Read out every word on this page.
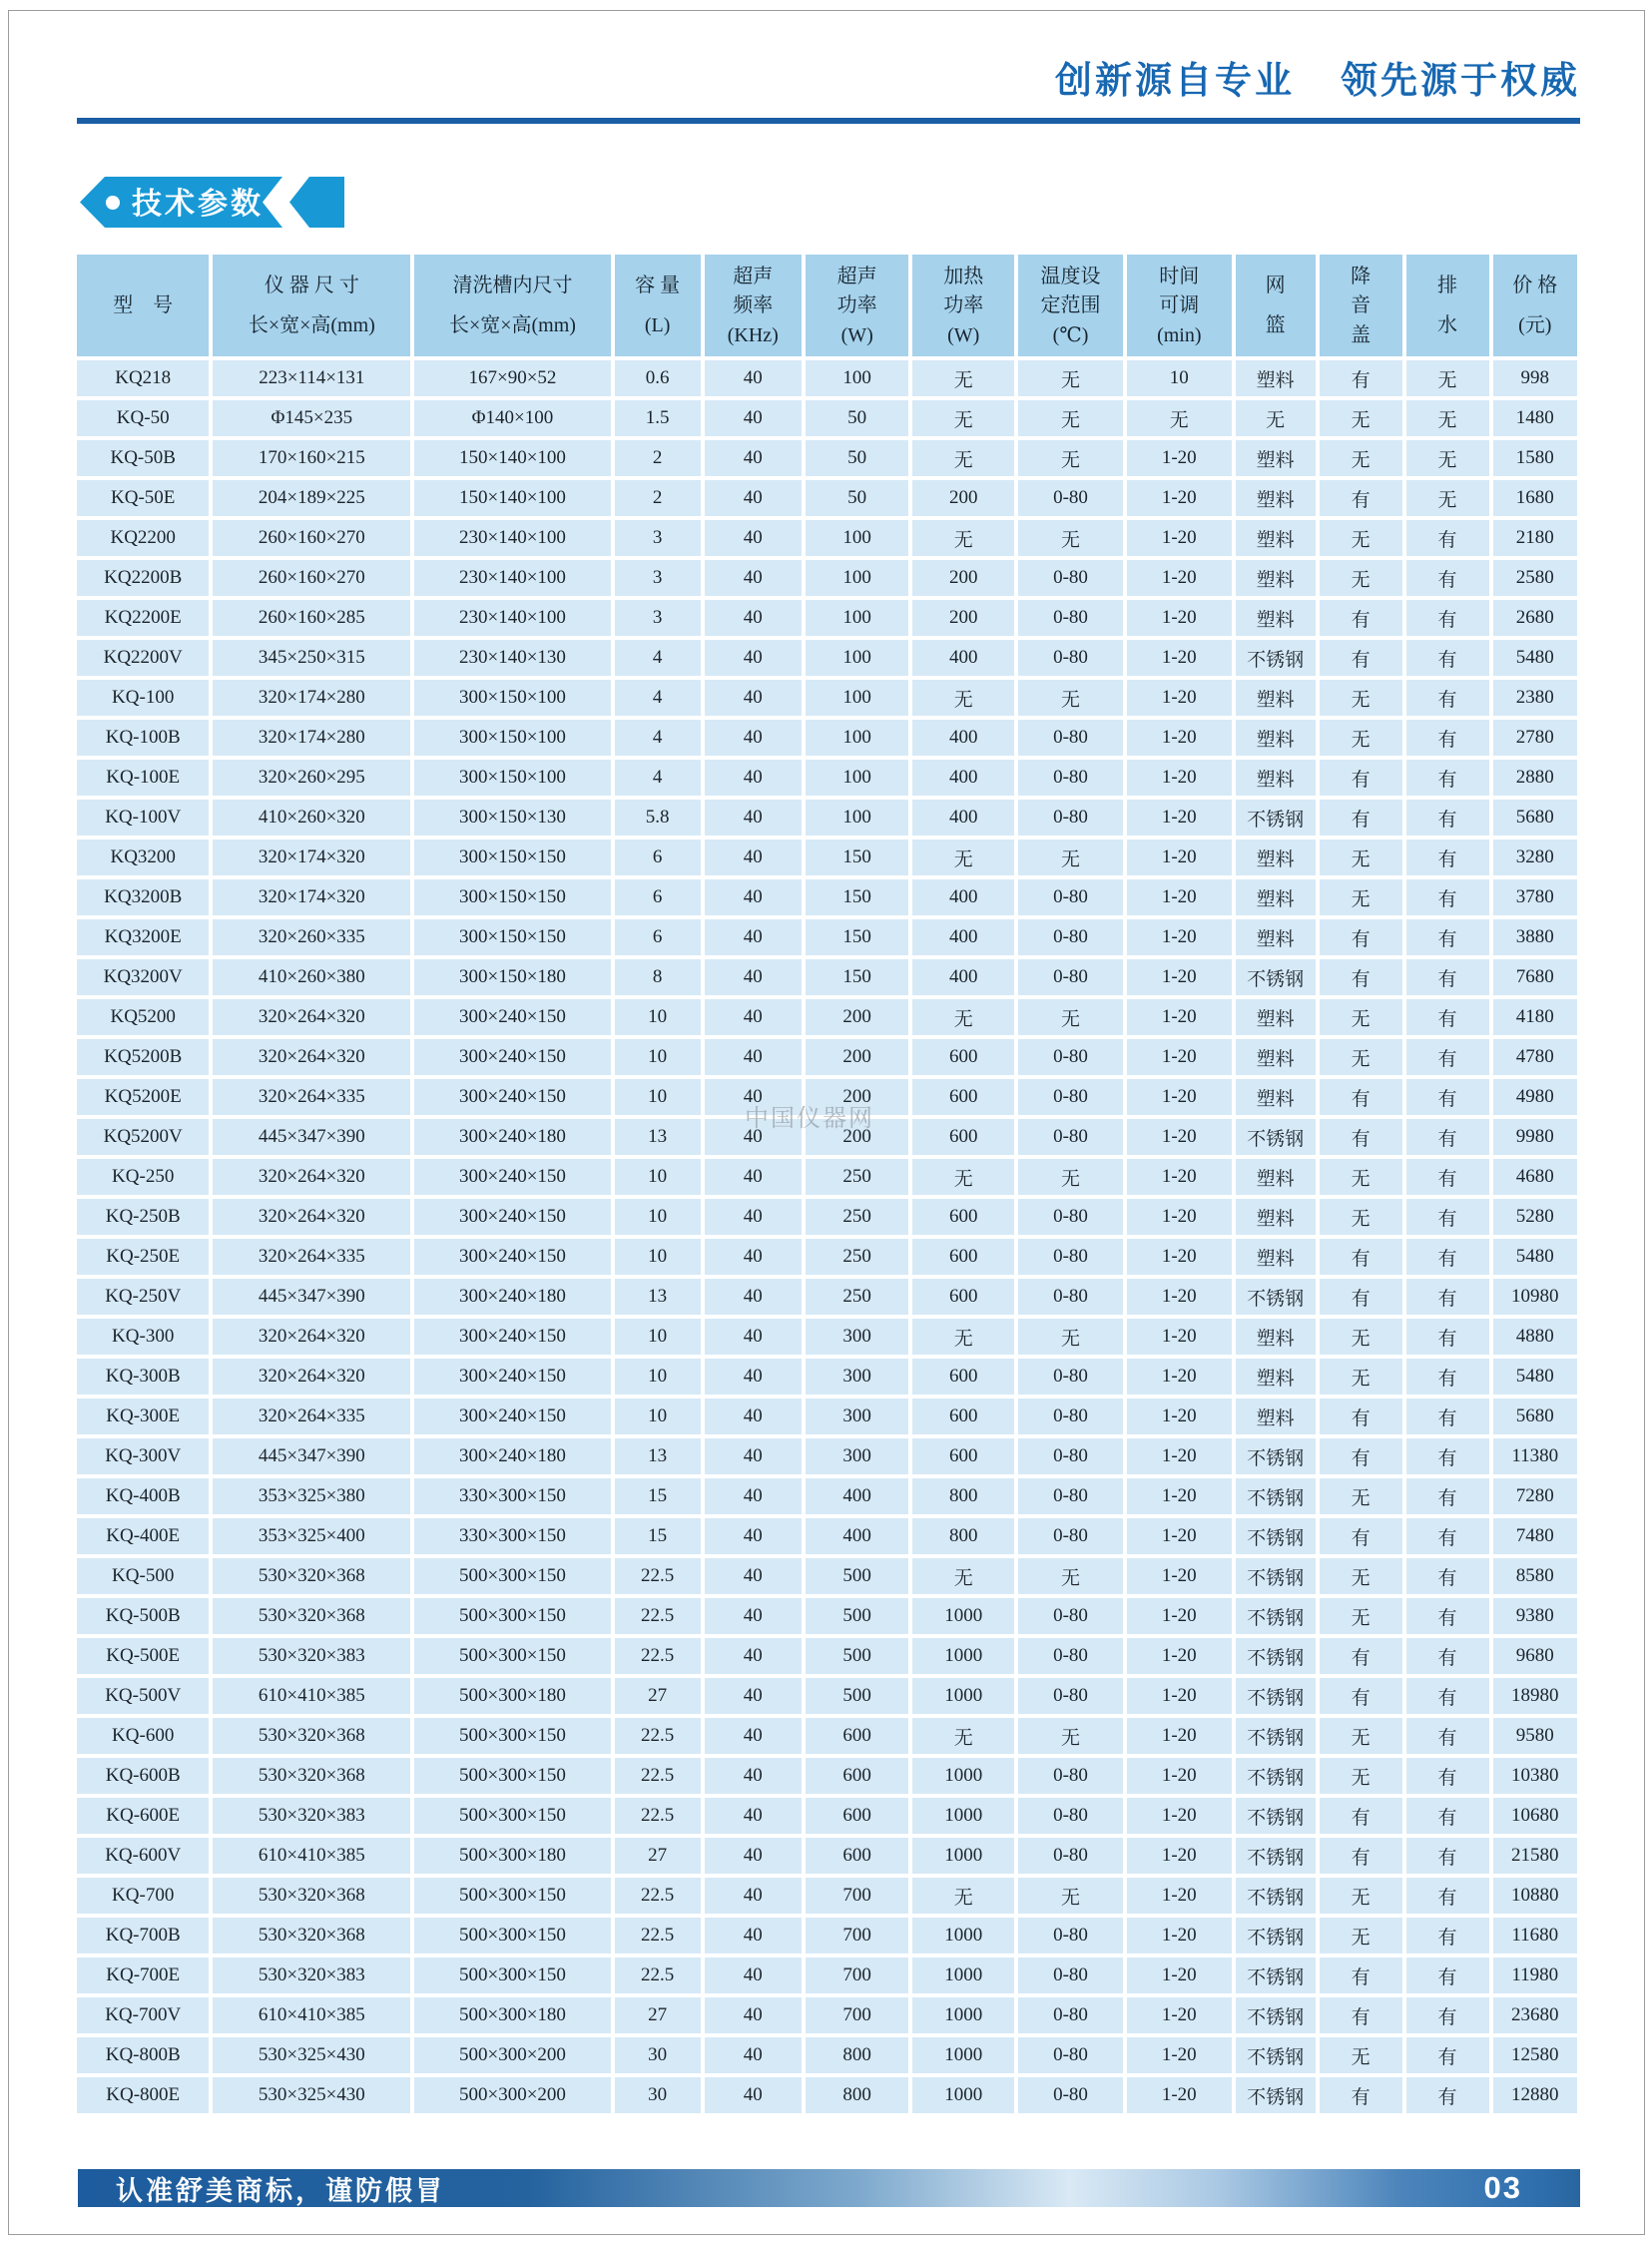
创新源自专业 领先源于权威
技术参数
中国仪器网
型　号

仪 器 尺 寸
长×宽×高(mm)

清洗槽内尺寸
长×宽×高(mm)

容 量
(L)

超声
频率
(KHz)

超声
功率
(W)

加热
功率
(W)

温度设
定范围
(℃)

时间
可调
(min)

网
篮

降
音
盖

排
水

价 格
(元)

KQ218	223×114×131	167×90×52	0.6	40	100	无	无	10	塑料	有	无	998
KQ-50	Φ145×235	Φ140×100	1.5	40	50	无	无	无	无	无	无	1480
KQ-50B	170×160×215	150×140×100	2	40	50	无	无	1-20	塑料	无	无	1580
KQ-50E	204×189×225	150×140×100	2	40	50	200	0-80	1-20	塑料	有	无	1680
KQ2200	260×160×270	230×140×100	3	40	100	无	无	1-20	塑料	无	有	2180
KQ2200B	260×160×270	230×140×100	3	40	100	200	0-80	1-20	塑料	无	有	2580
KQ2200E	260×160×285	230×140×100	3	40	100	200	0-80	1-20	塑料	有	有	2680
KQ2200V	345×250×315	230×140×130	4	40	100	400	0-80	1-20	不锈钢	有	有	5480
KQ-100	320×174×280	300×150×100	4	40	100	无	无	1-20	塑料	无	有	2380
KQ-100B	320×174×280	300×150×100	4	40	100	400	0-80	1-20	塑料	无	有	2780
KQ-100E	320×260×295	300×150×100	4	40	100	400	0-80	1-20	塑料	有	有	2880
KQ-100V	410×260×320	300×150×130	5.8	40	100	400	0-80	1-20	不锈钢	有	有	5680
KQ3200	320×174×320	300×150×150	6	40	150	无	无	1-20	塑料	无	有	3280
KQ3200B	320×174×320	300×150×150	6	40	150	400	0-80	1-20	塑料	无	有	3780
KQ3200E	320×260×335	300×150×150	6	40	150	400	0-80	1-20	塑料	有	有	3880
KQ3200V	410×260×380	300×150×180	8	40	150	400	0-80	1-20	不锈钢	有	有	7680
KQ5200	320×264×320	300×240×150	10	40	200	无	无	1-20	塑料	无	有	4180
KQ5200B	320×264×320	300×240×150	10	40	200	600	0-80	1-20	塑料	无	有	4780
KQ5200E	320×264×335	300×240×150	10	40	200	600	0-80	1-20	塑料	有	有	4980
KQ5200V	445×347×390	300×240×180	13	40	200	600	0-80	1-20	不锈钢	有	有	9980
KQ-250	320×264×320	300×240×150	10	40	250	无	无	1-20	塑料	无	有	4680
KQ-250B	320×264×320	300×240×150	10	40	250	600	0-80	1-20	塑料	无	有	5280
KQ-250E	320×264×335	300×240×150	10	40	250	600	0-80	1-20	塑料	有	有	5480
KQ-250V	445×347×390	300×240×180	13	40	250	600	0-80	1-20	不锈钢	有	有	10980
KQ-300	320×264×320	300×240×150	10	40	300	无	无	1-20	塑料	无	有	4880
KQ-300B	320×264×320	300×240×150	10	40	300	600	0-80	1-20	塑料	无	有	5480
KQ-300E	320×264×335	300×240×150	10	40	300	600	0-80	1-20	塑料	有	有	5680
KQ-300V	445×347×390	300×240×180	13	40	300	600	0-80	1-20	不锈钢	有	有	11380
KQ-400B	353×325×380	330×300×150	15	40	400	800	0-80	1-20	不锈钢	无	有	7280
KQ-400E	353×325×400	330×300×150	15	40	400	800	0-80	1-20	不锈钢	有	有	7480
KQ-500	530×320×368	500×300×150	22.5	40	500	无	无	1-20	不锈钢	无	有	8580
KQ-500B	530×320×368	500×300×150	22.5	40	500	1000	0-80	1-20	不锈钢	无	有	9380
KQ-500E	530×320×383	500×300×150	22.5	40	500	1000	0-80	1-20	不锈钢	有	有	9680
KQ-500V	610×410×385	500×300×180	27	40	500	1000	0-80	1-20	不锈钢	有	有	18980
KQ-600	530×320×368	500×300×150	22.5	40	600	无	无	1-20	不锈钢	无	有	9580
KQ-600B	530×320×368	500×300×150	22.5	40	600	1000	0-80	1-20	不锈钢	无	有	10380
KQ-600E	530×320×383	500×300×150	22.5	40	600	1000	0-80	1-20	不锈钢	有	有	10680
KQ-600V	610×410×385	500×300×180	27	40	600	1000	0-80	1-20	不锈钢	有	有	21580
KQ-700	530×320×368	500×300×150	22.5	40	700	无	无	1-20	不锈钢	无	有	10880
KQ-700B	530×320×368	500×300×150	22.5	40	700	1000	0-80	1-20	不锈钢	无	有	11680
KQ-700E	530×320×383	500×300×150	22.5	40	700	1000	0-80	1-20	不锈钢	有	有	11980
KQ-700V	610×410×385	500×300×180	27	40	700	1000	0-80	1-20	不锈钢	有	有	23680
KQ-800B	530×325×430	500×300×200	30	40	800	1000	0-80	1-20	不锈钢	无	有	12580
KQ-800E	530×325×430	500×300×200	30	40	800	1000	0-80	1-20	不锈钢	有	有	12880
认准舒美商标，谨防假冒	03
